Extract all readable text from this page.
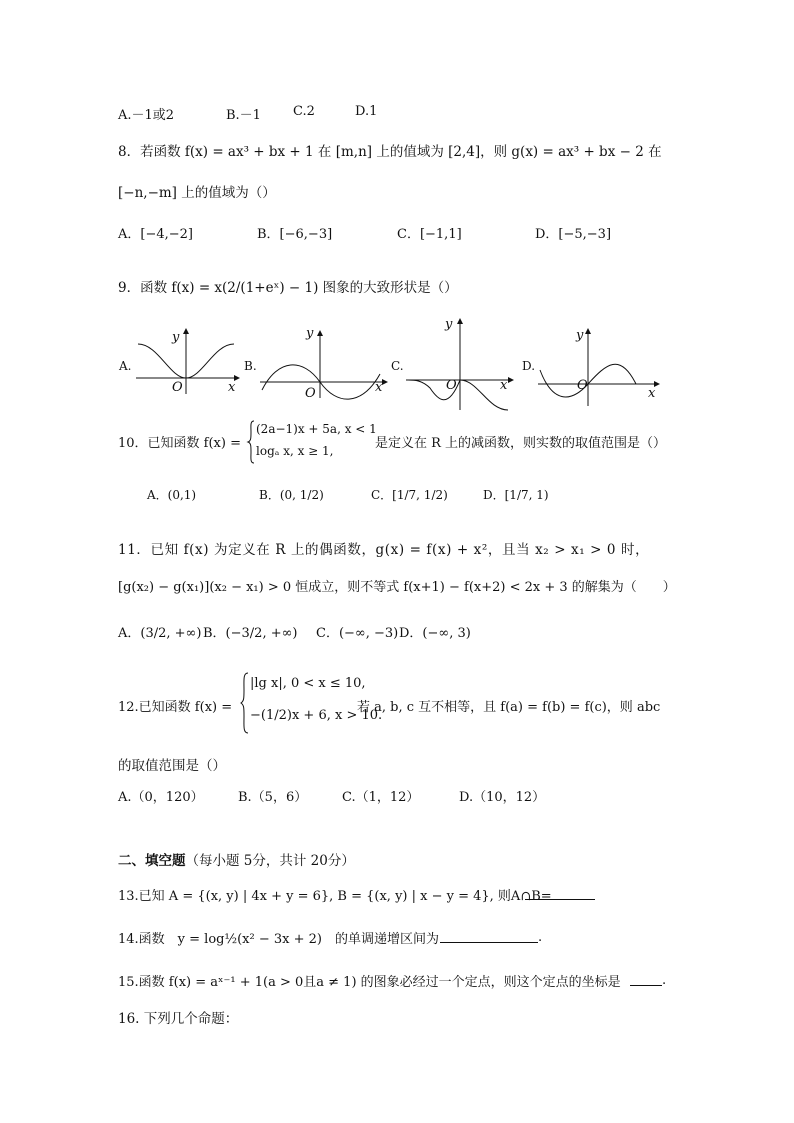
A.－1或2	B.－1 C.2	D.1
8．若函数 f(x) = ax³ + bx + 1 在 [m,n] 上的值域为 [2,4]，则 g(x) = ax³ + bx − 2 在
[−n,−m] 上的值域为（）
A．[−4,−2]	B．[−6,−3]	C．[−1,1]	D．[−5,−3]
9．函数 f(x) = x(2/(1+eˣ) − 1) 图象的大致形状是（）
A.
y
x
O
B.
y
x
O
C.
y
x
O
D.
y
x
O
10．已知函数 f(x) =
(2a−1)x + 5a, x < 1
logₐ x, x ≥ 1,	是定义在 R 上的减函数，则实数的取值范围是（）
A．(0,1)	B．(0, 1/2)	C．[1/7, 1/2)	D．[1/7, 1)
11．已知 f(x) 为定义在 R 上的偶函数，g(x) = f(x) + x²，且当 x₂ > x₁ > 0 时，
[g(x₂) − g(x₁)](x₂ − x₁) > 0 恒成立，则不等式 f(x+1) − f(x+2) < 2x + 3 的解集为（　　）
A．(3/2, +∞) B．(−3/2, +∞) C．(−∞, −3) D．(−∞, 3)
12.已知函数 f(x) =
|lg x|, 0 < x ≤ 10,
−(1/2)x + 6, x > 10.
若 a, b, c 互不相等，且 f(a) = f(b) = f(c)，则 abc
的取值范围是（）
A.（0，120）	B.（5，6）	C.（1，12）	D.（10，12）
二、填空题（每小题 5分，共计 20分）
13.已知 A = {(x, y) | 4x + y = 6}, B = {(x, y) | x − y = 4}, 则A∩B=
14.函数　y = log½(x² − 3x + 2)　的单调递增区间为	.
15.函数 f(x) = aˣ⁻¹ + 1(a > 0且a ≠ 1) 的图象必经过一个定点，则这个定点的坐标是	.
16. 下列几个命题：
